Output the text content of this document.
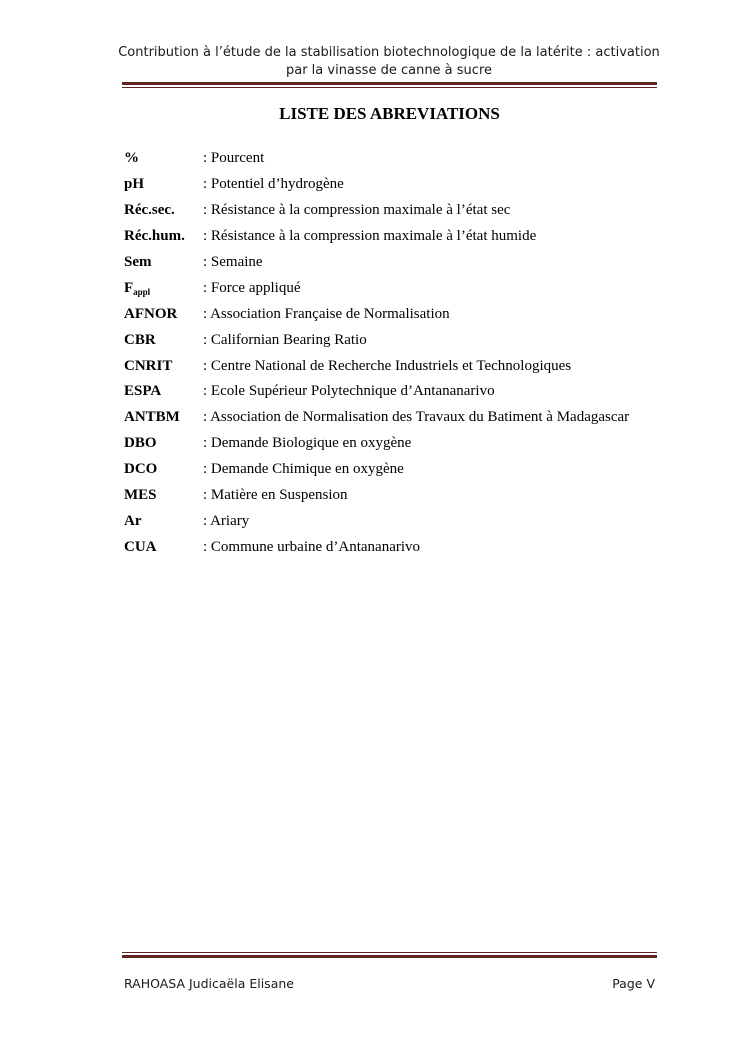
Contribution à l’étude de la stabilisation biotechnologique de la latérite : activation
par la vinasse de canne à sucre
LISTE DES ABREVIATIONS
%	: Pourcent
pH	: Potentiel d’hydrogène
Réc.sec.	: Résistance à la compression maximale à l’état sec
Réc.hum.	: Résistance à la compression maximale à l’état humide
Sem	: Semaine
$F_{appl}$	: Force appliqué
AFNOR	: Association Française de Normalisation
CBR	: Californian Bearing Ratio
CNRIT	: Centre National de Recherche Industriels et Technologiques
ESPA	: Ecole Supérieur Polytechnique d’Antananarivo
ANTBM	: Association de Normalisation des Travaux du Batiment à Madagascar
DBO	: Demande Biologique en oxygène
DCO	: Demande Chimique en oxygène
MES	: Matière en Suspension
Ar	: Ariary
CUA	: Commune urbaine d’Antananarivo
RAHOASA Judicaëla Elisane	Page V
